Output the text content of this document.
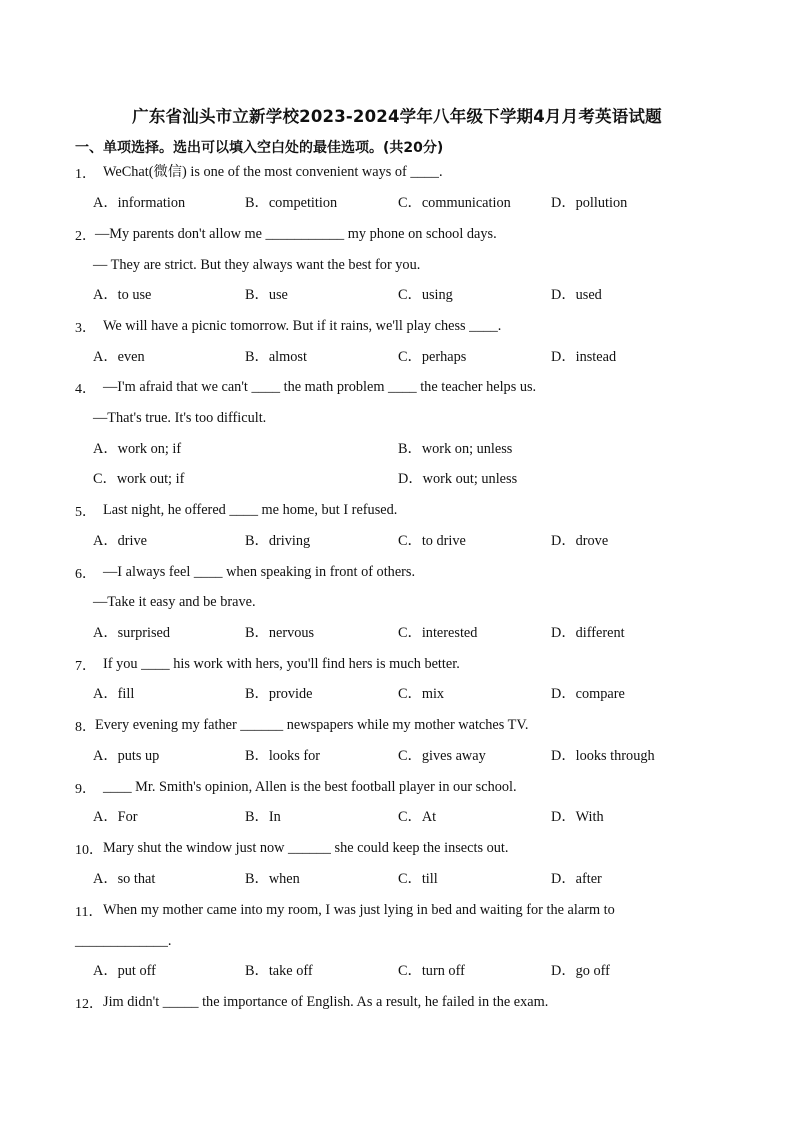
广东省汕头市立新学校2023-2024学年八年级下学期4月月考英语试题
一、单项选择。选出可以填入空白处的最佳选项。(共20分)
1． WeChat(微信) is one of the most convenient ways of ____.
A．information	B．competition	C．communication	D．pollution
2． —My parents don't allow me ___________ my phone on school days.
— They are strict. But they always want the best for you.
A．to use	B．use	C．using	D．used
3． We will have a picnic tomorrow. But if it rains, we'll play chess ____.
A．even	B．almost	C．perhaps	D．instead
4． —I'm afraid that we can't ____ the math problem ____ the teacher helps us.
—That's true. It's too difficult.
A．work on; if	B．work on; unless
C．work out; if	D．work out; unless
5． Last night, he offered ____ me home, but I refused.
A．drive	B．driving	C．to drive	D．drove
6． —I always feel ____ when speaking in front of others.
—Take it easy and be brave.
A．surprised	B．nervous	C．interested	D．different
7． If you ____ his work with hers, you'll find hers is much better.
A．fill	B．provide	C．mix	D．compare
8． Every evening my father ______ newspapers while my mother watches TV.
A．puts up	B．looks for	C．gives away	D．looks through
9． ____ Mr. Smith's opinion, Allen is the best football player in our school.
A．For	B．In	C．At	D．With
10． Mary shut the window just now ______ she could keep the insects out.
A．so that	B．when	C．till	D．after
11． When my mother came into my room, I was just lying in bed and waiting for the alarm to
_____________.
A．put off	B．take off	C．turn off	D．go off
12． Jim didn't _____ the importance of English. As a result, he failed in the exam.
